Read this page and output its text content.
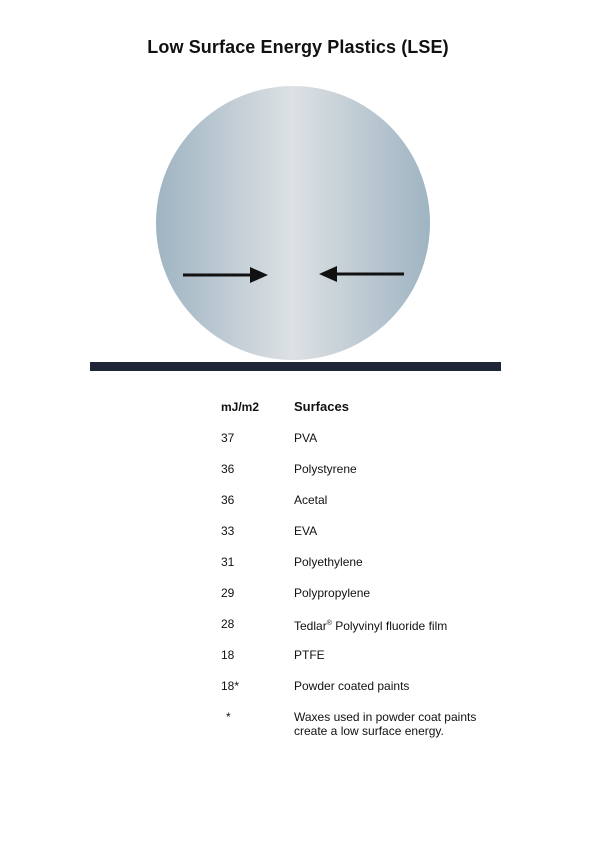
Low Surface Energy Plastics (LSE)
mJ/m2	Surfaces
37	PVA
36	Polystyrene
36	Acetal
33	EVA
31	Polyethylene
29	Polypropylene
28	Tedlar® Polyvinyl fluoride film
18	PTFE
18*	Powder coated paints
*	Waxes used in powder coat paints
create a low surface energy.
